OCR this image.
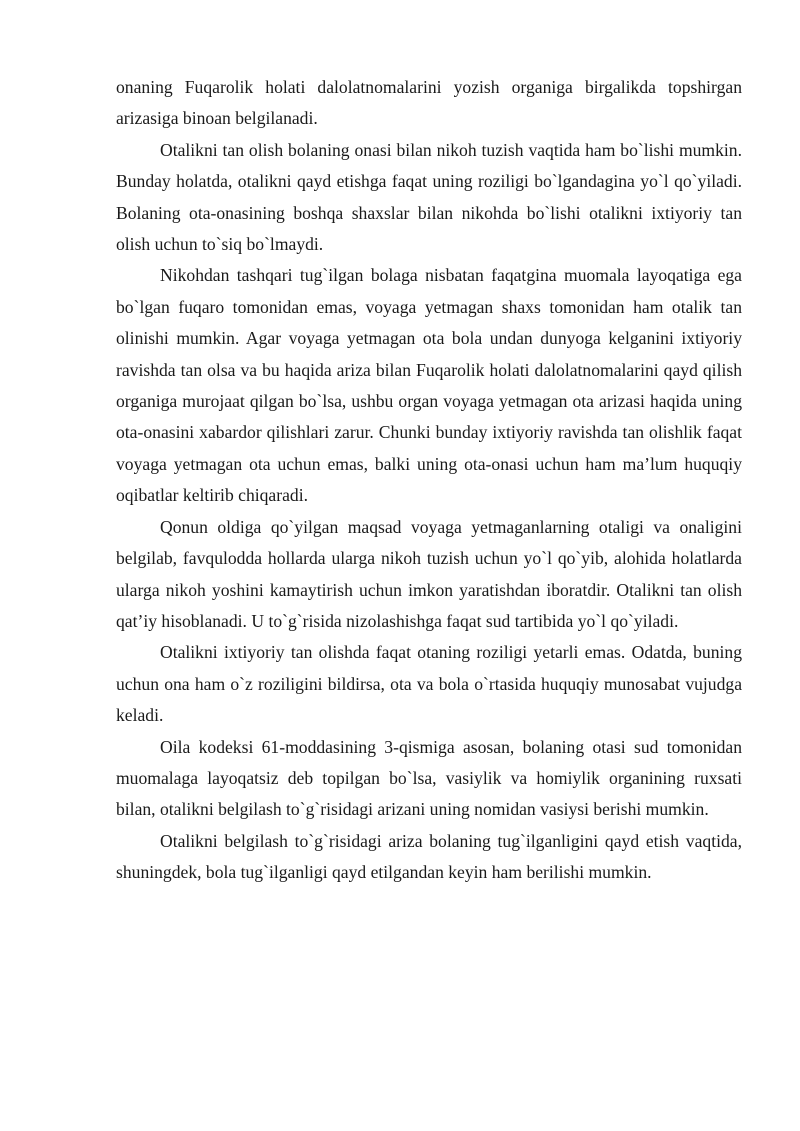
onaning Fuqarolik holati dalolatnomalarini yozish organiga birgalikda topshirgan arizasiga binoan belgilanadi.

Otalikni tan olish bolaning onasi bilan nikoh tuzish vaqtida ham bo`lishi mumkin. Bunday holatda, otalikni qayd etishga faqat uning roziligi bo`lgandagina yo`l qo`yiladi. Bolaning ota-onasining boshqa shaxslar bilan nikohda bo`lishi otalikni ixtiyoriy tan olish uchun to`siq bo`lmaydi.

Nikohdan tashqari tug`ilgan bolaga nisbatan faqatgina muomala layoqatiga ega bo`lgan fuqaro tomonidan emas, voyaga yetmagan shaxs tomonidan ham otalik tan olinishi mumkin. Agar voyaga yetmagan ota bola undan dunyoga kelganini ixtiyoriy ravishda tan olsa va bu haqida ariza bilan Fuqarolik holati dalolatnomalarini qayd qilish organiga murojaat qilgan bo`lsa, ushbu organ voyaga yetmagan ota arizasi haqida uning ota-onasini xabardor qilishlari zarur. Chunki bunday ixtiyoriy ravishda tan olishlik faqat voyaga yetmagan ota uchun emas, balki uning ota-onasi uchun ham ma’lum huquqiy oqibatlar keltirib chiqaradi.

Qonun oldiga qo`yilgan maqsad voyaga yetmaganlarning otaligi va onaligini belgilab, favqulodda hollarda ularga nikoh tuzish uchun yo`l qo`yib, alohida holatlarda ularga nikoh yoshini kamaytirish uchun imkon yaratishdan iboratdir. Otalikni tan olish qat’iy hisoblanadi. U to`g`risida nizolashishga faqat sud tartibida yo`l qo`yiladi.

Otalikni ixtiyoriy tan olishda faqat otaning roziligi yetarli emas. Odatda, buning uchun ona ham o`z roziligini bildirsa, ota va bola o`rtasida huquqiy munosabat vujudga keladi.

Oila kodeksi 61-moddasining 3-qismiga asosan, bolaning otasi sud tomonidan muomalaga layoqatsiz deb topilgan bo`lsa, vasiylik va homiylik organining ruxsati bilan, otalikni belgilash to`g`risidagi arizani uning nomidan vasiysi berishi mumkin.

Otalikni belgilash to`g`risidagi ariza bolaning tug`ilganligini qayd etish vaqtida, shuningdek, bola tug`ilganligi qayd etilgandan keyin ham berilishi mumkin.
